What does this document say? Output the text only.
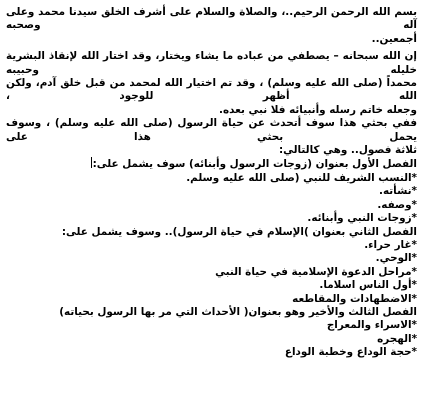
بسم الله الرحمن الرحيم..، والصلاة والسلام على أشرف الخلق سيدنا محمد وعلى آله وصحبه

أجمعين..

إن الله سبحانه – يصطفي من عباده ما يشاء ويختار، وقد اختار الله لإنقاذ البشرية خليله وحبيبه

محمداً (صلى الله عليه وسلم) ، وقد تم اختيار الله لمحمد من قبل خلق آدم، ولكن الله أظهر للوجود ،

وجعله خاتم رسله وأنبيائه فلا نبي بعده.

ففي بحثي هذا سوف أتحدث عن حياة الرسول (صلى الله عليه وسلم) ، وسوف يحمل بحثي هذا على

ثلاثة فصول.. وهي كالتالي:

الفصل الأول بعنوان (زوجات الرسول وأبنائه) سوف يشمل على:

*النسب الشريف للنبي (صلى الله عليه وسلم.

*نشأته.

*وصفه.

*زوجات النبي وأبنائه.

الفصل الثاني بعنوان )الإسلام في حياة الرسول).. وسوف يشمل على:

*غار حراء.

*الوحي.

*مراحل الدعوة الإسلامية في حياة النبي

*أول الناس اسلاما.

*الاضطهادات والمقاطعه

الفصل الثالث والأخير وهو بعنوان( الأحداث التي مر بها الرسول بحياته)

*الاسراء والمعراج

*الهجره

*حجة الوداع وخطبة الوداع
